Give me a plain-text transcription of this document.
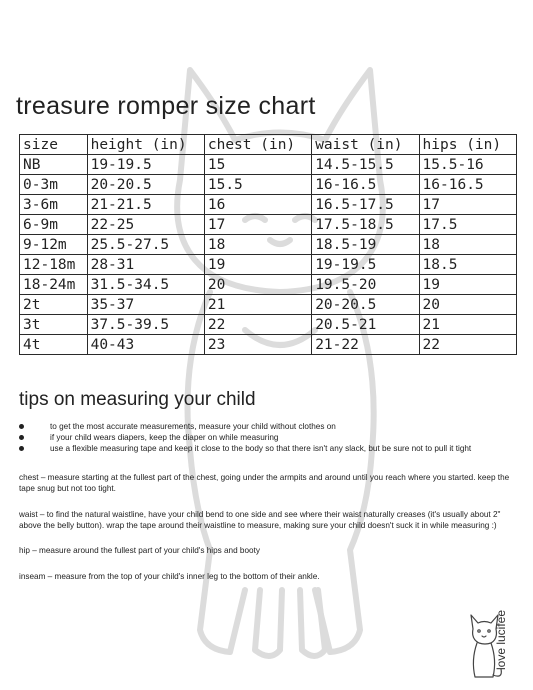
treasure romper size chart
size	height (in)	chest (in)	waist (in)	hips (in)
NB	19-19.5	15	14.5-15.5	15.5-16
0-3m	20-20.5	15.5	16-16.5	16-16.5
3-6m	21-21.5	16	16.5-17.5	17
6-9m	22-25	17	17.5-18.5	17.5
9-12m	25.5-27.5	18	18.5-19	18
12-18m	28-31	19	19-19.5	18.5
18-24m	31.5-34.5	20	19.5-20	19
2t	35-37	21	20-20.5	20
3t	37.5-39.5	22	20.5-21	21
4t	40-43	23	21-22	22
tips on measuring your child
to get the most accurate measurements, measure your child without clothes on
if your child wears diapers, keep the diaper on while measuring
use a flexible measuring tape and keep it close to the body so that there isn't any slack, but be sure not to pull it tight

chest – measure starting at the fullest part of the chest, going under the armpits and around until you reach where you started. keep the tape snug but not too tight.

waist – to find the natural waistline, have your child bend to one side and see where their waist naturally creases (it's usually about 2" above the belly button). wrap the tape around their waistline to measure, making sure your child doesn't suck it in while measuring :)

hip – measure around the fullest part of your child's hips and booty

inseam – measure from the top of your child's inner leg to the bottom of their ankle.

love lucifee
